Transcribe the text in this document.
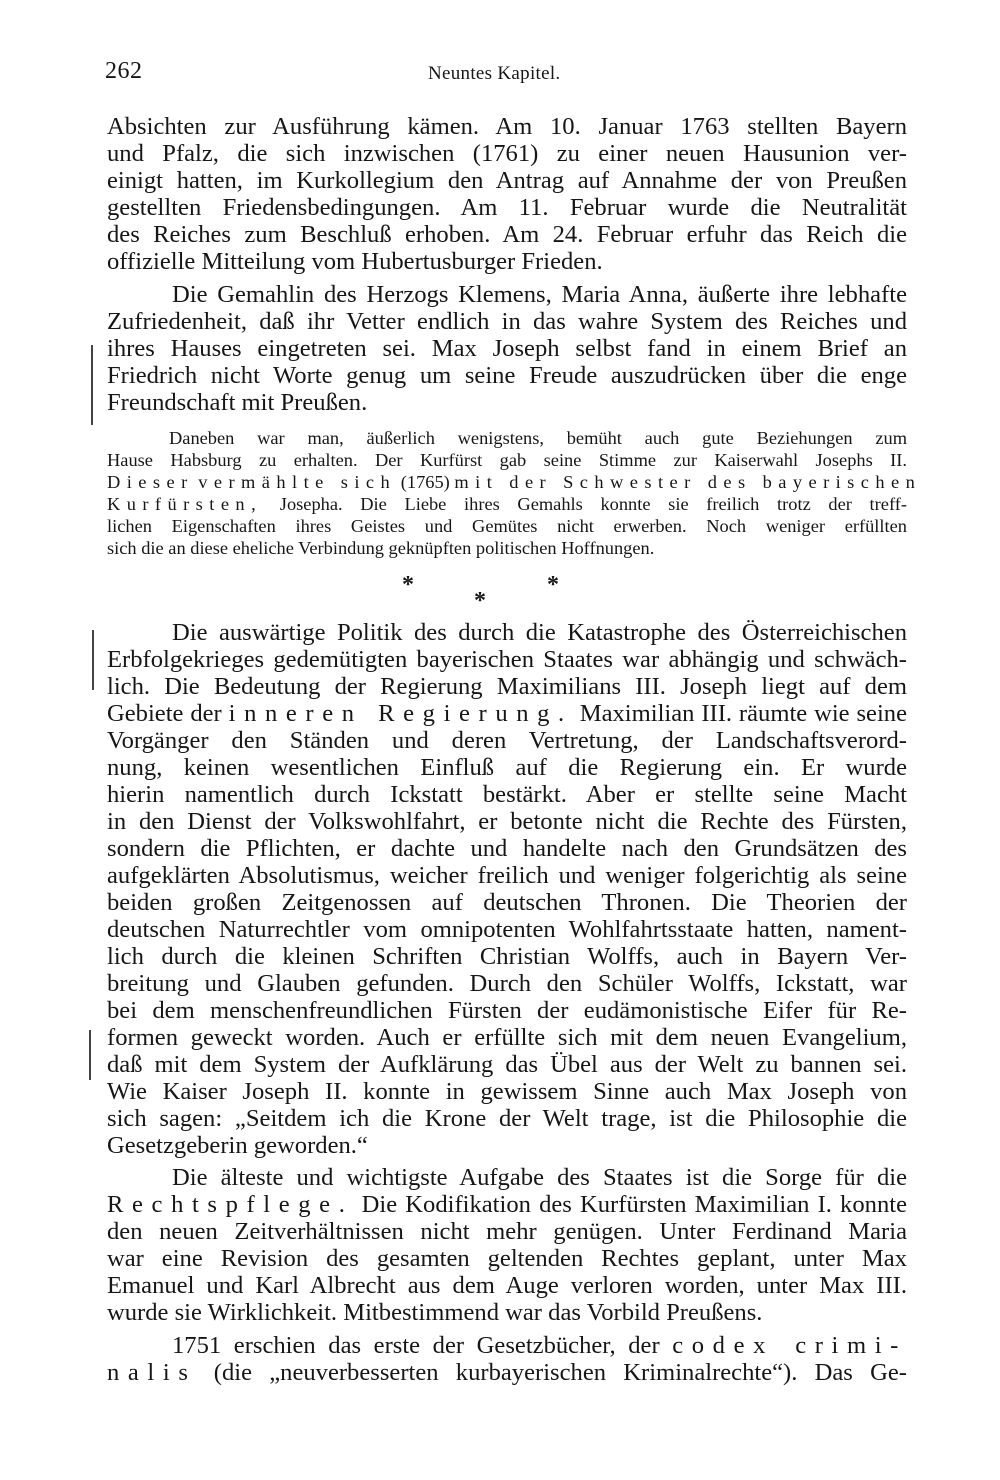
262	Neuntes Kapitel.
Absichten zur Ausführung kämen. Am 10. Januar 1763 stellten Bayern
und Pfalz, die sich inzwischen (1761) zu einer neuen Hausunion ver-
einigt hatten, im Kurkollegium den Antrag auf Annahme der von Preußen
gestellten Friedensbedingungen. Am 11. Februar wurde die Neutralität
des Reiches zum Beschluß erhoben. Am 24. Februar erfuhr das Reich die
offizielle Mitteilung vom Hubertusburger Frieden.
Die Gemahlin des Herzogs Klemens, Maria Anna, äußerte ihre lebhafte
Zufriedenheit, daß ihr Vetter endlich in das wahre System des Reiches und
ihres Hauses eingetreten sei. Max Joseph selbst fand in einem Brief an
Friedrich nicht Worte genug um seine Freude auszudrücken über die enge
Freundschaft mit Preußen.
Daneben war man, äußerlich wenigstens, bemüht auch gute Beziehungen zum
Hause Habsburg zu erhalten. Der Kurfürst gab seine Stimme zur Kaiserwahl Josephs II.
Dieser vermählte sich (1765) mit der Schwester des bayerischen
Kurfürsten, Josepha. Die Liebe ihres Gemahls konnte sie freilich trotz der treff-
lichen Eigenschaften ihres Geistes und Gemütes nicht erwerben. Noch weniger erfüllten
sich die an diese eheliche Verbindung geknüpften politischen Hoffnungen.
*	*
*
Die auswärtige Politik des durch die Katastrophe des Österreichischen
Erbfolgekrieges gedemütigten bayerischen Staates war abhängig und schwäch-
lich. Die Bedeutung der Regierung Maximilians III. Joseph liegt auf dem
Gebiete der inneren Regierung. Maximilian III. räumte wie seine
Vorgänger den Ständen und deren Vertretung, der Landschaftsverord-
nung, keinen wesentlichen Einfluß auf die Regierung ein. Er wurde
hierin namentlich durch Ickstatt bestärkt. Aber er stellte seine Macht
in den Dienst der Volkswohlfahrt, er betonte nicht die Rechte des Fürsten,
sondern die Pflichten, er dachte und handelte nach den Grundsätzen des
aufgeklärten Absolutismus, weicher freilich und weniger folgerichtig als seine
beiden großen Zeitgenossen auf deutschen Thronen. Die Theorien der
deutschen Naturrechtler vom omnipotenten Wohlfahrtsstaate hatten, nament-
lich durch die kleinen Schriften Christian Wolffs, auch in Bayern Ver-
breitung und Glauben gefunden. Durch den Schüler Wolffs, Ickstatt, war
bei dem menschenfreundlichen Fürsten der eudämonistische Eifer für Re-
formen geweckt worden. Auch er erfüllte sich mit dem neuen Evangelium,
daß mit dem System der Aufklärung das Übel aus der Welt zu bannen sei.
Wie Kaiser Joseph II. konnte in gewissem Sinne auch Max Joseph von
sich sagen: „Seitdem ich die Krone der Welt trage, ist die Philosophie die
Gesetzgeberin geworden.“
Die älteste und wichtigste Aufgabe des Staates ist die Sorge für die
Rechtspflege. Die Kodifikation des Kurfürsten Maximilian I. konnte
den neuen Zeitverhältnissen nicht mehr genügen. Unter Ferdinand Maria
war eine Revision des gesamten geltenden Rechtes geplant, unter Max
Emanuel und Karl Albrecht aus dem Auge verloren worden, unter Max III.
wurde sie Wirklichkeit. Mitbestimmend war das Vorbild Preußens.
1751 erschien das erste der Gesetzbücher, der codex crimi-
nalis (die „neuverbesserten kurbayerischen Kriminalrechte“). Das Ge-
